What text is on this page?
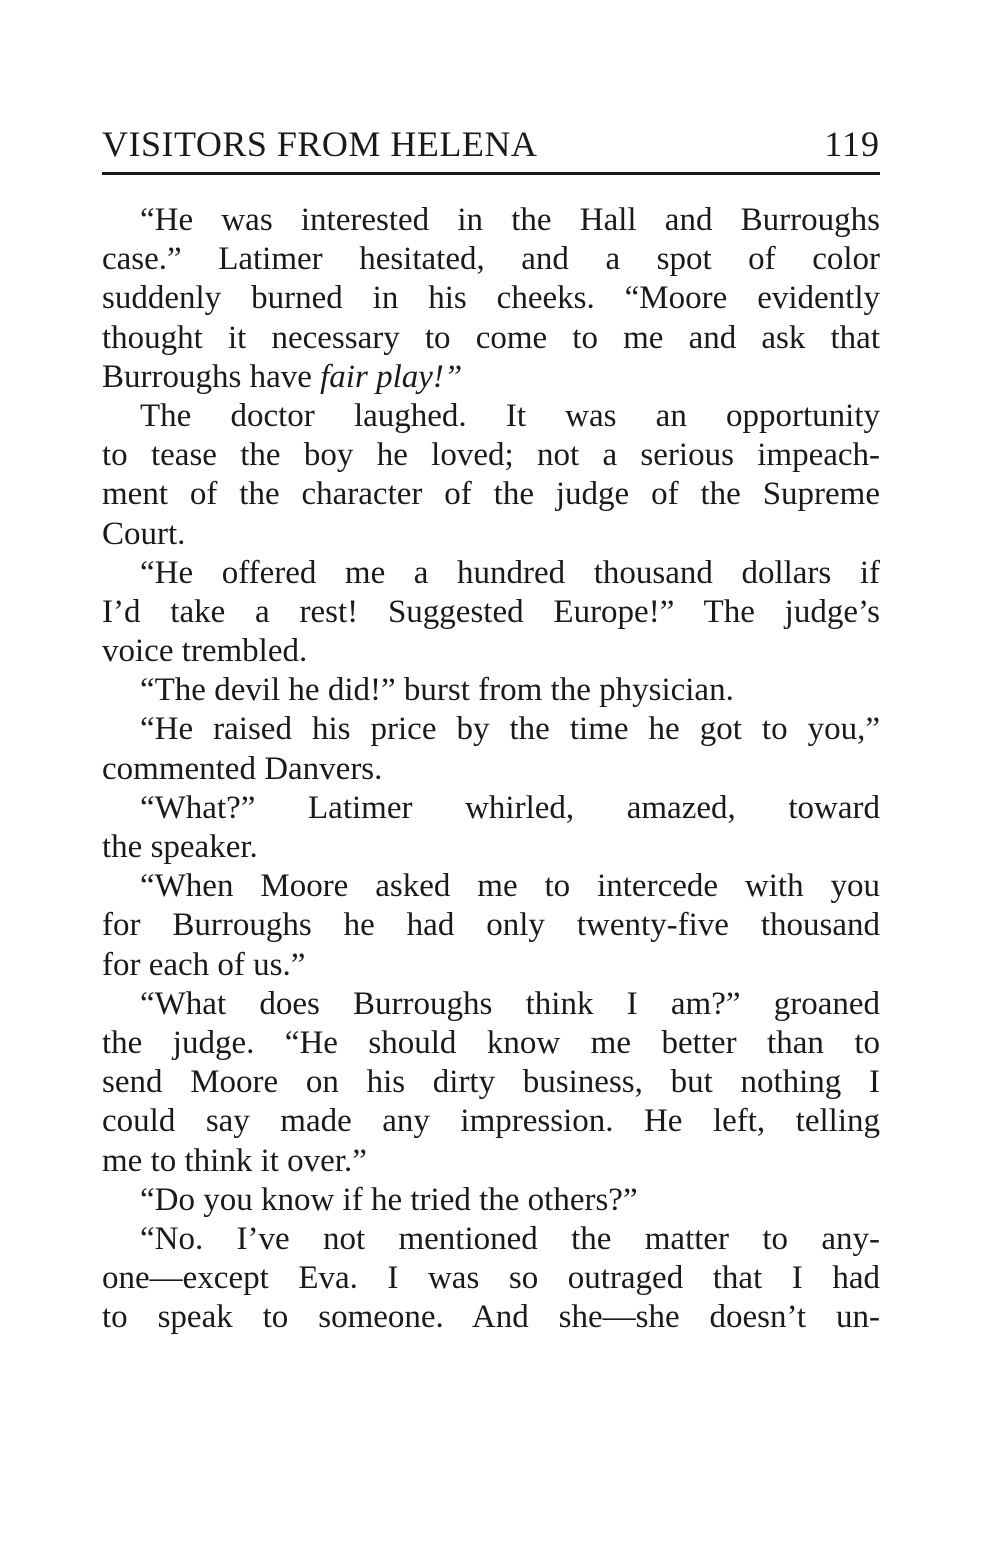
VISITORS FROM HELENA	119
“He was interested in the Hall and Burroughs
case.” Latimer hesitated, and a spot of color
suddenly burned in his cheeks. “Moore evidently
thought it necessary to come to me and ask that
Burroughs have fair play!”
The doctor laughed. It was an opportunity
to tease the boy he loved; not a serious impeach-
ment of the character of the judge of the Supreme
Court.
“He offered me a hundred thousand dollars if
I’d take a rest! Suggested Europe!” The judge’s
voice trembled.
“The devil he did!” burst from the physician.
“He raised his price by the time he got to you,”
commented Danvers.
“What?” Latimer whirled, amazed, toward
the speaker.
“When Moore asked me to intercede with you
for Burroughs he had only twenty-five thousand
for each of us.”
“What does Burroughs think I am?” groaned
the judge. “He should know me better than to
send Moore on his dirty business, but nothing I
could say made any impression. He left, telling
me to think it over.”
“Do you know if he tried the others?”
“No. I’ve not mentioned the matter to any-
one—except Eva. I was so outraged that I had
to speak to someone. And she—she doesn’t un-
